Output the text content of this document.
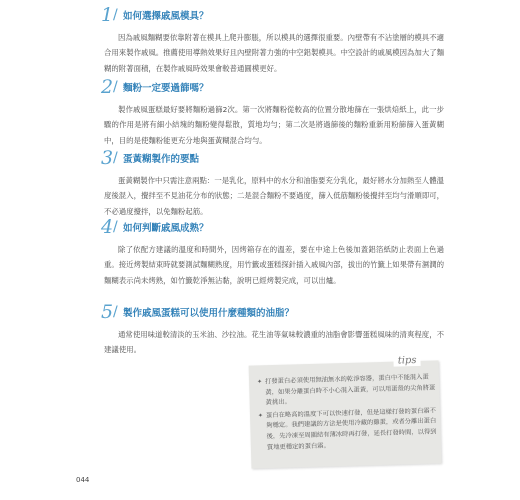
1 / 如何選擇戚風模具？

因為戚風麵糊要依靠附著在模具上爬升膨脹，所以模具的選擇很重要。內壁帶有不沾塗層的模具不適合用來製作戚風。推薦使用導熱效果好且內壁附著力強的中空鋁製模具。中空設計的戚風模因為加大了麵糊的附著面積，在製作戚風時效果會較普通圓模更好。

2 / 麵粉一定要過篩嗎？

製作戚風蛋糕最好要將麵粉過篩2次。第一次將麵粉從較高的位置分散地篩在一張烘焙紙上，此一步驟的作用是將有細小結塊的麵粉變得鬆散，質地均勻；第二次是將過篩後的麵粉重新用粉篩篩入蛋黃糊中，目的是使麵粉能更充分地與蛋黃糊混合均勻。

3 / 蛋黃糊製作的要點

蛋黃糊製作中只需注意兩點：一是乳化，原料中的水分和油脂要充分乳化，最好將水分加熱至人體溫度後混入，攪拌至不見油花分布的狀態；二是混合麵粉不要過度，篩入低筋麵粉後攪拌至均勻滑順即可，不必過度攪拌，以免麵粉起筋。

4 / 如何判斷戚風成熟？

除了依配方建議的溫度和時間外，因烤箱存在的溫差，要在中途上色後加蓋鋁箔紙防止表面上色過重。接近烤製結束時就要測試麵糊熟度，用竹籤或蛋糕探針插入戚風內部，拔出的竹籤上如果帶有濕潤的麵糊表示尚未烤熟，如竹籤乾淨無沾黏，說明已經烤製完成，可以出爐。

5 / 製作戚風蛋糕可以使用什麼種類的油脂？

通常使用味道較清淡的玉米油、沙拉油。花生油等氣味較濃重的油脂會影響蛋糕風味的清爽程度，不建議使用。

tips
✦ 打發蛋白必須使用無油無水的乾淨容器，蛋白中不能混入蛋黃，如果分離蛋白時不小心混入蛋黃，可以用蛋殼的尖角將蛋黃挑出。
✦ 蛋白在略高的溫度下可以快速打發，但是這樣打發的蛋白霜不夠穩定。我們建議的方法是使用冷藏的雞蛋，或者分離出蛋白後，先冷凍至周圍結有薄冰時再打發，延長打發時間，以得到質地更穩定的蛋白霜。
044
